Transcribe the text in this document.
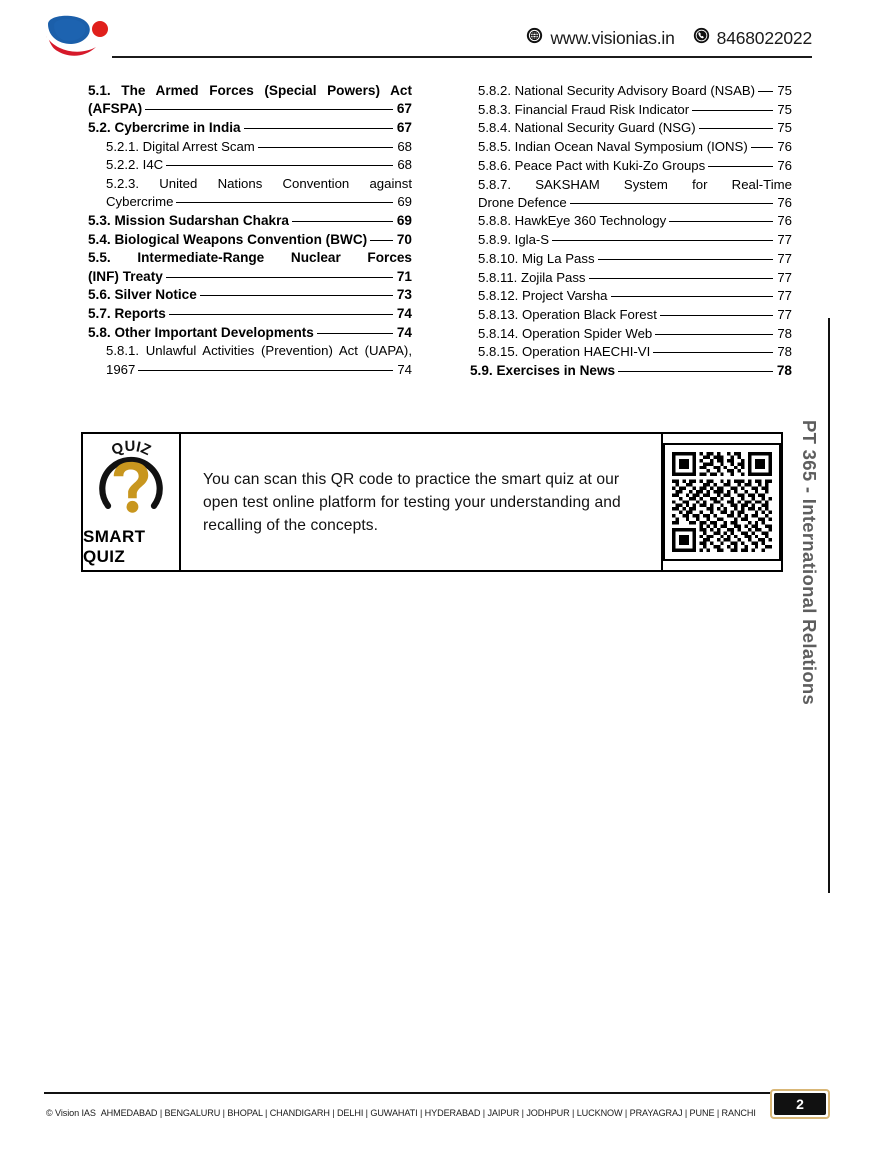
www.visionias.in 8468022022
5.1. The Armed Forces (Special Powers) Act
(AFSPA)	67
5.2. Cybercrime in India	67
5.2.1. Digital Arrest Scam	68
5.2.2. I4C	68
5.2.3. United Nations Convention against
Cybercrime	69
5.3. Mission Sudarshan Chakra	69
5.4. Biological Weapons Convention (BWC) 70
5.5. Intermediate-Range Nuclear Forces
(INF) Treaty	71
5.6. Silver Notice	73
5.7. Reports	74
5.8. Other Important Developments	74
5.8.1. Unlawful Activities (Prevention) Act (UAPA),
1967	74
5.8.2. National Security Advisory Board (NSAB) 75
5.8.3. Financial Fraud Risk Indicator	75
5.8.4. National Security Guard (NSG)	75
5.8.5. Indian Ocean Naval Symposium (IONS) 76
5.8.6. Peace Pact with Kuki-Zo Groups	76
5.8.7. SAKSHAM System for Real-Time
Drone Defence	76
5.8.8. HawkEye 360 Technology	76
5.8.9. Igla-S	77
5.8.10. Mig La Pass	77
5.8.11. Zojila Pass	77
5.8.12. Project Varsha	77
5.8.13. Operation Black Forest	77
5.8.14. Operation Spider Web	78
5.8.15. Operation HAECHI-VI	78
5.9. Exercises in News	78
QUIZ
SMART QUIZ

You can scan this QR code to practice the smart quiz at our open test online platform for testing your understanding and recalling of the concepts.	PT 365 - International Relations
© Vision IAS AHMEDABAD | BENGALURU | BHOPAL | CHANDIGARH | DELHI | GUWAHATI | HYDERABAD | JAIPUR | JODHPUR | LUCKNOW | PRAYAGRAJ | PUNE | RANCHI
2
